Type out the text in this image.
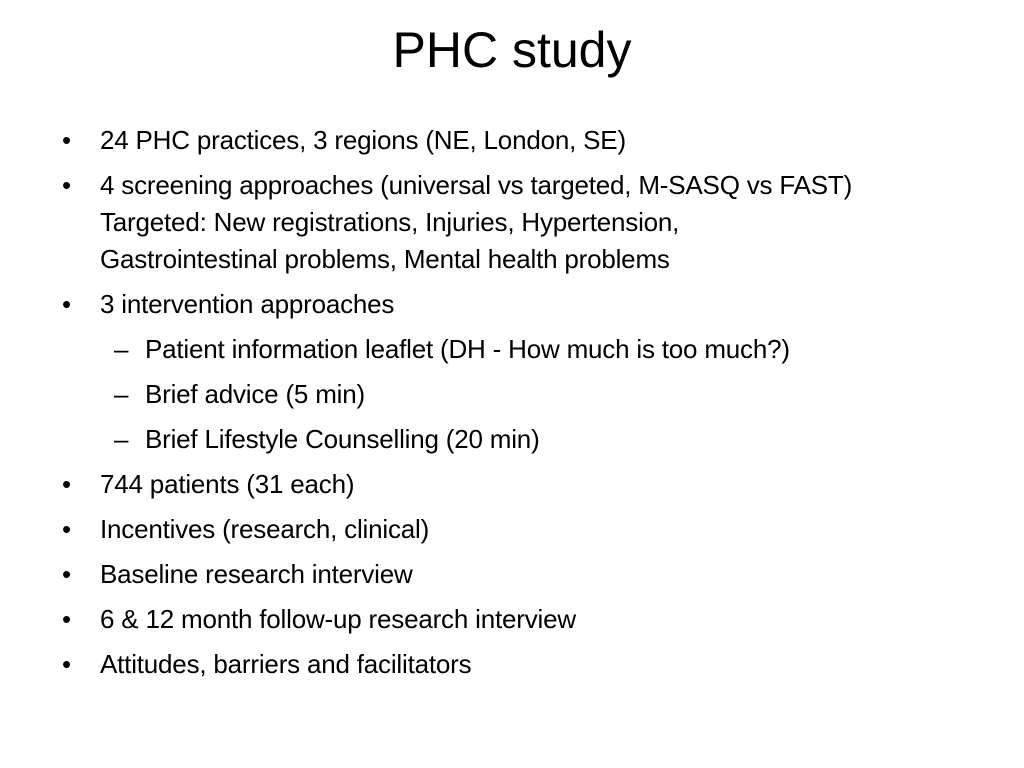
PHC study
•	24 PHC practices, 3 regions (NE, London, SE)
•	4 screening approaches (universal vs targeted, M-SASQ vs FAST)
Targeted: New registrations, Injuries, Hypertension,
Gastrointestinal problems, Mental health problems
•	3 intervention approaches
– Patient information leaflet (DH - How much is too much?)
– Brief advice (5 min)
– Brief Lifestyle Counselling (20 min)
•	744 patients (31 each)
•	Incentives (research, clinical)
•	Baseline research interview
•	6 & 12 month follow-up research interview
•	Attitudes, barriers and facilitators
